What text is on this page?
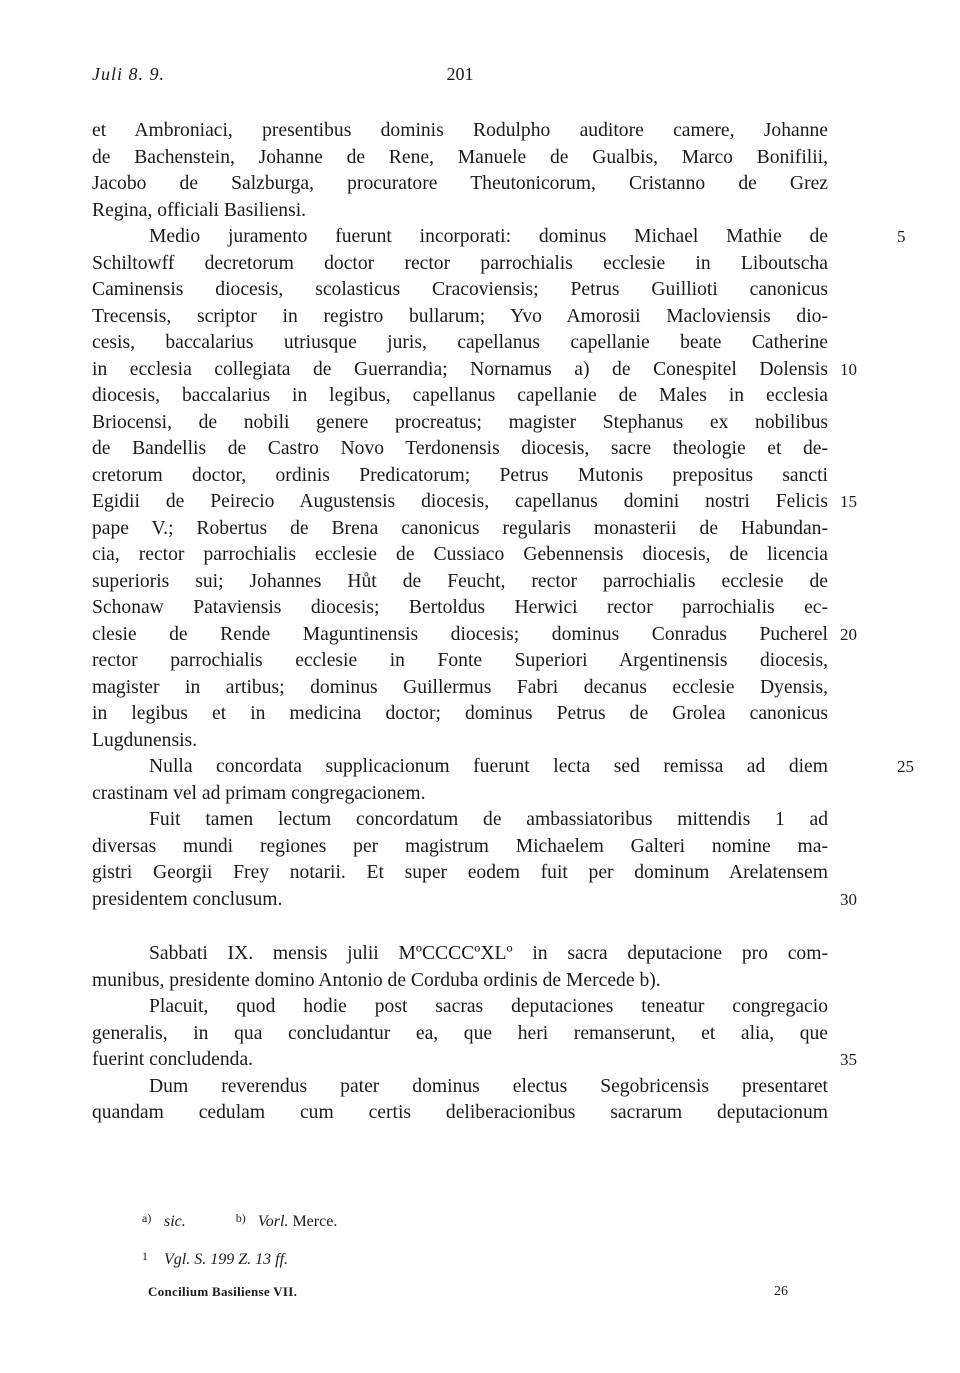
Juli 8. 9.	201
et Ambroniaci, presentibus dominis Rodulpho auditore camere, Johanne
de Bachenstein, Johanne de Rene, Manuele de Gualbis, Marco Bonifilii,
Jacobo de Salzburga, procuratore Theutonicorum, Cristanno de Grez
Regina, officiali Basiliensi.
Medio juramento fuerunt incorporati: dominus Michael Mathie de	5
Schiltowff decretorum doctor rector parrochialis ecclesie in Liboutscha
Caminensis diocesis, scolasticus Cracoviensis; Petrus Guillioti canonicus
Trecensis, scriptor in registro bullarum; Yvo Amorosii Macloviensis dio-
cesis, baccalarius utriusque juris, capellanus capellanie beate Catherine
in ecclesia collegiata de Guerrandia; Nornamus a) de Conespitel Dolensis 10
diocesis, baccalarius in legibus, capellanus capellanie de Males in ecclesia
Briocensi, de nobili genere procreatus; magister Stephanus ex nobilibus
de Bandellis de Castro Novo Terdonensis diocesis, sacre theologie et de-
cretorum doctor, ordinis Predicatorum; Petrus Mutonis prepositus sancti
Egidii de Peirecio Augustensis diocesis, capellanus domini nostri Felicis 15
pape V.; Robertus de Brena canonicus regularis monasterii de Habundan-
cia, rector parrochialis ecclesie de Cussiaco Gebennensis diocesis, de licencia
superioris sui; Johannes Hůt de Feucht, rector parrochialis ecclesie de
Schonaw Pataviensis diocesis; Bertoldus Herwici rector parrochialis ec-
clesie de Rende Maguntinensis diocesis; dominus Conradus Pucherel 20
rector parrochialis ecclesie in Fonte Superiori Argentinensis diocesis,
magister in artibus; dominus Guillermus Fabri decanus ecclesie Dyensis,
in legibus et in medicina doctor; dominus Petrus de Grolea canonicus
Lugdunensis.
Nulla concordata supplicacionum fuerunt lecta sed remissa ad diem	25
crastinam vel ad primam congregacionem.
Fuit tamen lectum concordatum de ambassiatoribus mittendis 1 ad
diversas mundi regiones per magistrum Michaelem Galteri nomine ma-
gistri Georgii Frey notarii. Et super eodem fuit per dominum Arelatensem
presidentem conclusum.	30
Sabbati IX. mensis julii MºCCCCºXLº in sacra deputacione pro com-
munibus, presidente domino Antonio de Corduba ordinis de Mercede b).
Placuit, quod hodie post sacras deputaciones teneatur congregacio
generalis, in qua concludantur ea, que heri remanserunt, et alia, que
fuerint concludenda.	35
Dum reverendus pater dominus electus Segobricensis presentaret
quandam cedulam cum certis deliberacionibus sacrarum deputacionum
a) sic.	b) Vorl. Merce.
1 Vgl. S. 199 Z. 13 ff.
Concilium Basiliense VII.	26
